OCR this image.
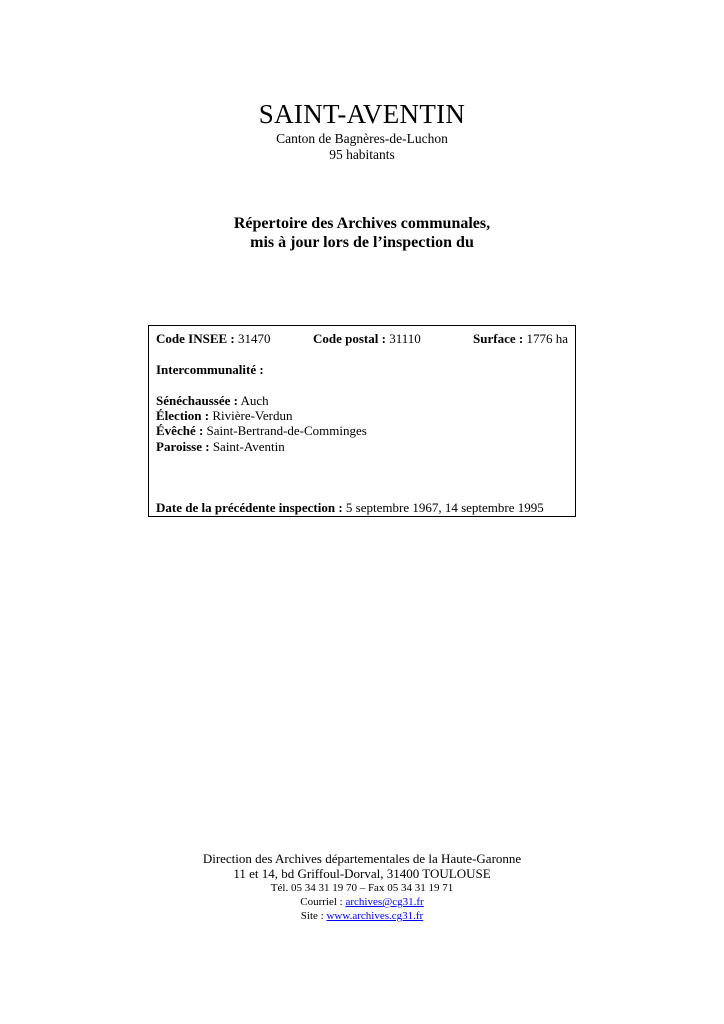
SAINT-AVENTIN
Canton de Bagnères-de-Luchon
95 habitants
Répertoire des Archives communales,
mis à jour lors de l’inspection du
Code INSEE : 31470	Code postal : 31110	Surface : 1776 ha
Intercommunalité :
Sénéchaussée : Auch
Élection : Rivière-Verdun
Évêché : Saint-Bertrand-de-Comminges
Paroisse : Saint-Aventin
Date de la précédente inspection : 5 septembre 1967, 14 septembre 1995
Direction des Archives départementales de la Haute-Garonne
11 et 14, bd Griffoul-Dorval, 31400 TOULOUSE
Tél. 05 34 31 19 70 – Fax 05 34 31 19 71
Courriel : archives@cg31.fr
Site : www.archives.cg31.fr
